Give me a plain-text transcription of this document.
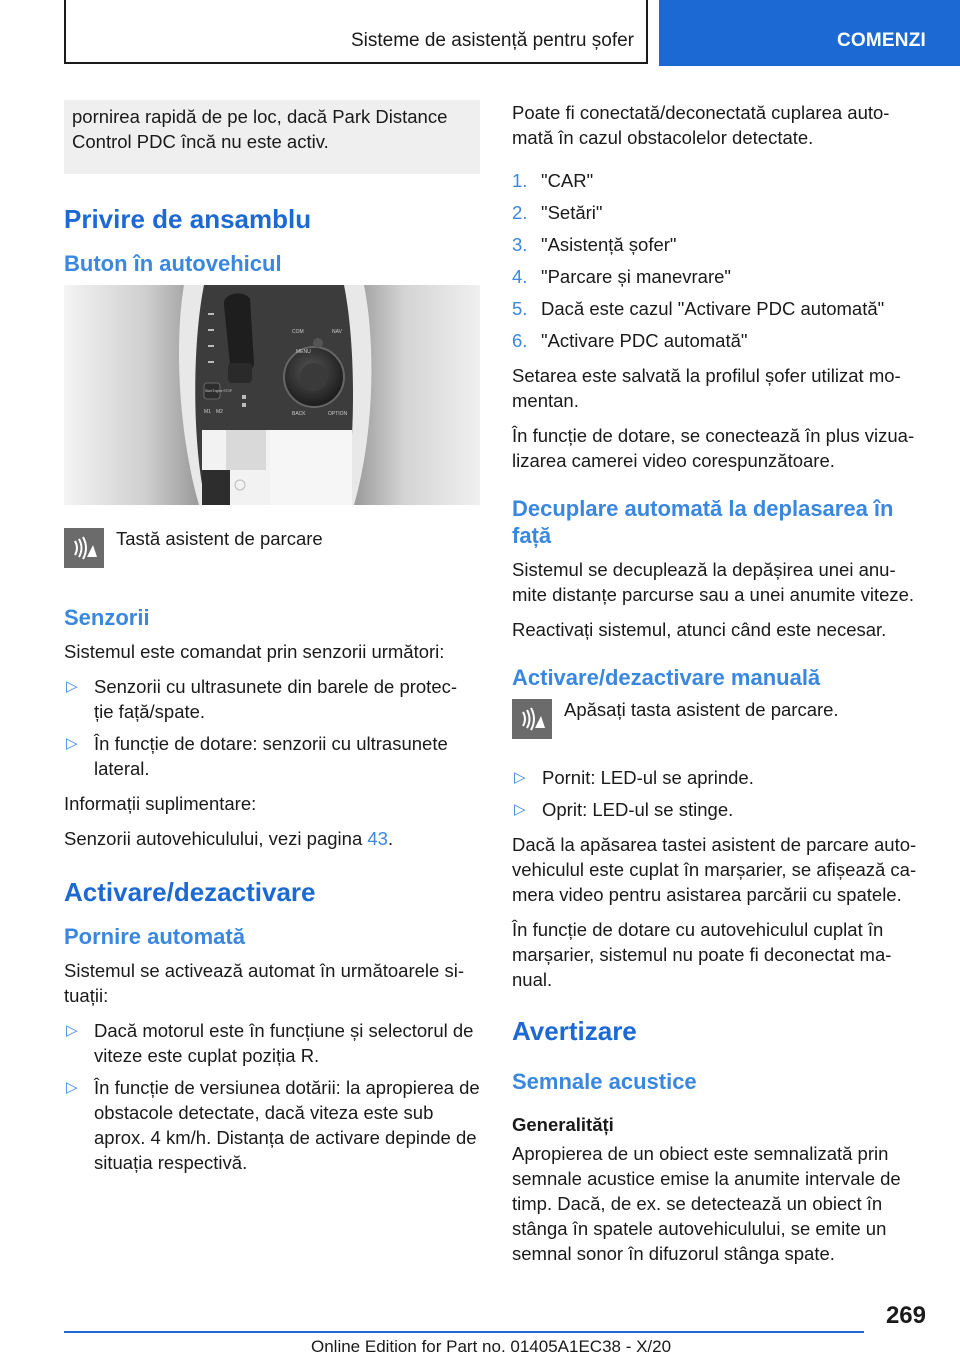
Sisteme de asistență pentru șofer	COMENZI
pornirea rapidă de pe loc, dacă Park Distance Control PDC încă nu este activ.
Privire de ansamblu
Buton în autovehicul
MENU
COM	NAV
BACK	OPTION
M1 M2
Start Engine STOP
Tastă asistent de parcare
Senzorii

Sistemul este comandat prin senzorii următori:

▷ Senzorii cu ultrasunete din barele de protec- ție față/spate.
▷ În funcție de dotare: senzorii cu ultrasunete lateral.

Informații suplimentare:

Senzorii autovehiculului, vezi pagina 43.

Activare/dezactivare
Pornire automată

Sistemul se activează automat în următoarele si- tuații:

▷ Dacă motorul este în funcțiune și selectorul de viteze este cuplat poziția R.
▷ În funcție de versiunea dotării: la apropierea de obstacole detectate, dacă viteza este sub aprox. 4 km/h. Distanța de activare depinde de situația respectivă.

Poate fi conectată/deconectată cuplarea auto- mată în cazul obstacolelor detectate.

1. "CAR"
2. "Setări"
3. "Asistență șofer"
4. "Parcare și manevrare"
5. Dacă este cazul "Activare PDC automată"
6. "Activare PDC automată"

Setarea este salvată la profilul șofer utilizat mo- mentan.

În funcție de dotare, se conectează în plus vizua- lizarea camerei video corespunzătoare.

Decuplare automată la deplasarea în față

Sistemul se decuplează la depășirea unei anu- mite distanțe parcurse sau a unei anumite viteze.

Reactivați sistemul, atunci când este necesar.

Activare/dezactivare manuală
Apăsați tasta asistent de parcare.
▷ Pornit: LED-ul se aprinde.
▷ Oprit: LED-ul se stinge.

Dacă la apăsarea tastei asistent de parcare auto- vehiculul este cuplat în marșarier, se afișează ca- mera video pentru asistarea parcării cu spatele.

În funcție de dotare cu autovehiculul cuplat în marșarier, sistemul nu poate fi deconectat ma- nual.

Avertizare
Semnale acustice
Generalități

Apropierea de un obiect este semnalizată prin semnale acustice emise la anumite intervale de timp. Dacă, de ex. se detectează un obiect în stânga în spatele autovehiculului, se emite un semnal sonor în difuzorul stânga spate.

269
Online Edition for Part no. 01405A1EC38 - X/20
